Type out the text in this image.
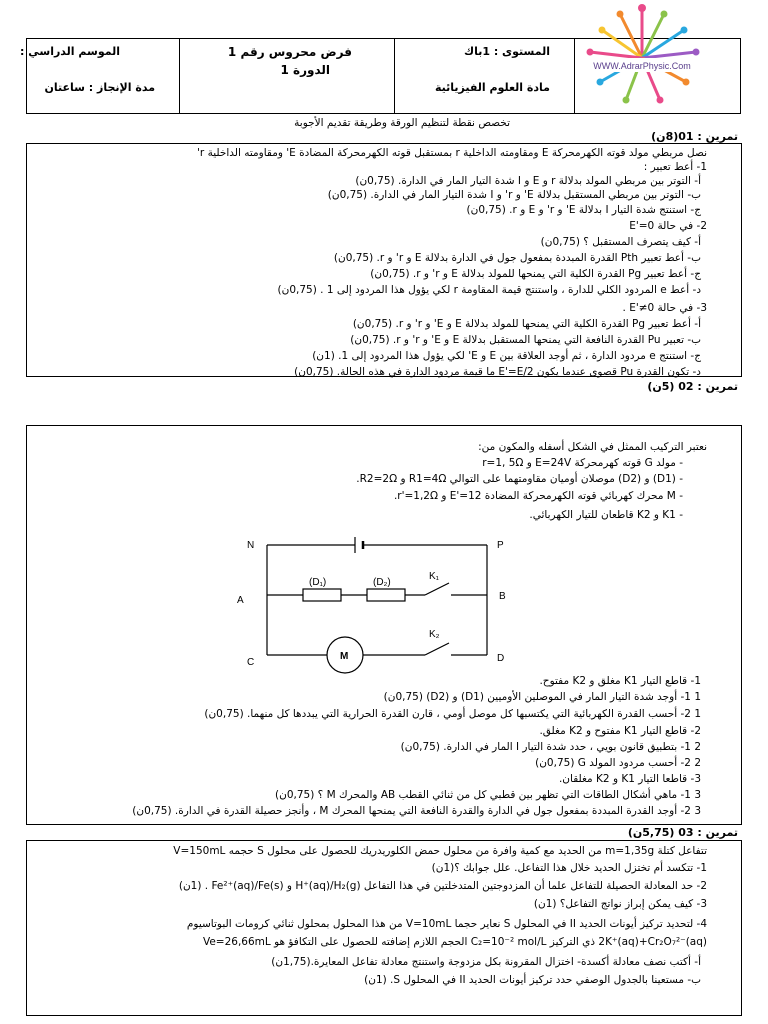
الموسم الدراسي :	فرض محروس رقم 1
الدورة 1
المستوى : 1باك
مدة الإنجاز : ساعتان	مادة العلوم الفيزيائية
WWW.AdrarPhysic.Com
تخصص نقطة لتنظيم الورقة وطريقة تقديم الأجوبة
تمرين : 01(8ن)
نصل مربطي مولد قوته الكهرمحركة E ومقاومته الداخلية r بمستقبل قوته الكهرمحركة المضادة E' ومقاومته الداخلية r'
1- أعط تعبير :
أ- التوتر بين مربطي المولد بدلالة r و E و I شدة التيار المار في الدارة. (0,75ن)
ب- التوتر بين مربطي المستقبل بدلالة E' و r' و I شدة التيار المار في الدارة. (0,75ن)
ج- استنتج شدة التيار I بدلالة E' و r' و E و r. (0,75ن)
2- في حالة E'=0
أ- كيف يتصرف المستقبل ؟ (0,75ن)
ب- أعط تعبير Pth القدرة المبددة بمفعول جول في الدارة بدلالة E و r' و r. (0,75ن)
ج- أعط تعبير Pg القدرة الكلية التي يمنحها للمولد بدلالة E و r' و r. (0,75ن)
د- أعط e المردود الكلي للدارة ، واستنتج قيمة المقاومة r لكي يؤول هذا المردود إلى 1 . (0,75ن)
3- في حالة E'≠0 .
أ- أعط تعبير Pg القدرة الكلية التي يمنحها للمولد بدلالة E و E' و r' و r. (0,75ن)
ب- تعبير Pu القدرة النافعة التي يمنحها المستقبل بدلالة E و E' و r' و r. (0,75ن)
ج- استنتج e مردود الدارة ، ثم أوجد العلاقة بين E و E' لكي يؤول هذا المردود إلى 1. (1ن)
د- تكون القدرة Pu قصوى عندما يكون E'=E/2 ما قيمة مردود الدارة في هذه الحالة. (0,75ن)
تمرين : 02 (5ن)
نعتبر التركيب الممثل في الشكل أسفله والمكون من:
- مولد G قوته كهرمحركة E=24V و r=1, 5Ω
- (D1) و (D2) موصلان أوميان مقاومتهما على التوالي R1=4Ω و R2=2Ω.
- M محرك كهربائي قوته الكهرمحركة المضادة E'=12 و r'=1,2Ω.
- K1 و K2 قاطعان للتيار الكهربائي.
N	P
A	B
C	D
(D₁)	(D₂)
K₁
K₂
M
1- قاطع التيار K1 مغلق و K2 مفتوح.
1 1- أوجد شدة التيار المار في الموصلين الأوميين (D1) و (D2) (0,75ن)
1 2- أحسب القدرة الكهربائية التي يكتسبها كل موصل أومي ، قارن القدرة الحرارية التي يبددها كل منهما. (0,75ن)
2- قاطع التيار K1 مفتوح و K2 مغلق.
2 1- بتطبيق قانون بويي ، حدد شدة التيار I المار في الدارة. (0,75ن)
2 2- أحسب مردود المولد G (0,75ن)
3- قاطعا التيار K1 و K2 مغلقان.
3 1- ماهي أشكال الطاقات التي تظهر بين قطبي كل من ثنائي القطب AB والمحرك M ؟ (0,75ن)
3 2- أوجد القدرة المبددة بمفعول جول في الدارة والقدرة النافعة التي يمنحها المحرك M ، وأنجز حصيلة القدرة في الدارة. (0,75ن)
تمرين : 03 (5,75ن)
تتفاعل كتلة m=1,35g من الحديد مع كمية وافرة من محلول حمض الكلوريدريك للحصول على محلول S حجمه V=150mL
1- تتكسد أم تختزل الحديد خلال هذا التفاعل. علل جوابك ؟(1ن)
2- حد المعادلة الحصيلة للتفاعل علما أن المزدوجتين المتدخلتين في هذا التفاعل H⁺(aq)/H₂(g) و Fe²⁺(aq)/Fe(s) . (1ن)
3- كيف يمكن إبراز نواتج التفاعل؟ (1ن)
4- لتحديد تركيز أيونات الحديد II في المحلول S نعاير حجما V=10mL من هذا المحلول بمحلول ثنائي كرومات البوتاسيوم
2K⁺(aq)+Cr₂O₇²⁻(aq) ذي التركيز C₂=10⁻² mol/L الحجم اللازم إضافته للحصول على التكافؤ هو Ve=26,66mL
أ- أكتب نصف معادلة أكسدة- اختزال المقرونة بكل مزدوجة واستنتج معادلة تفاعل المعايرة.(1,75ن)
ب- مستعينا بالجدول الوصفي حدد تركيز أيونات الحديد II في المحلول S. (1ن)
